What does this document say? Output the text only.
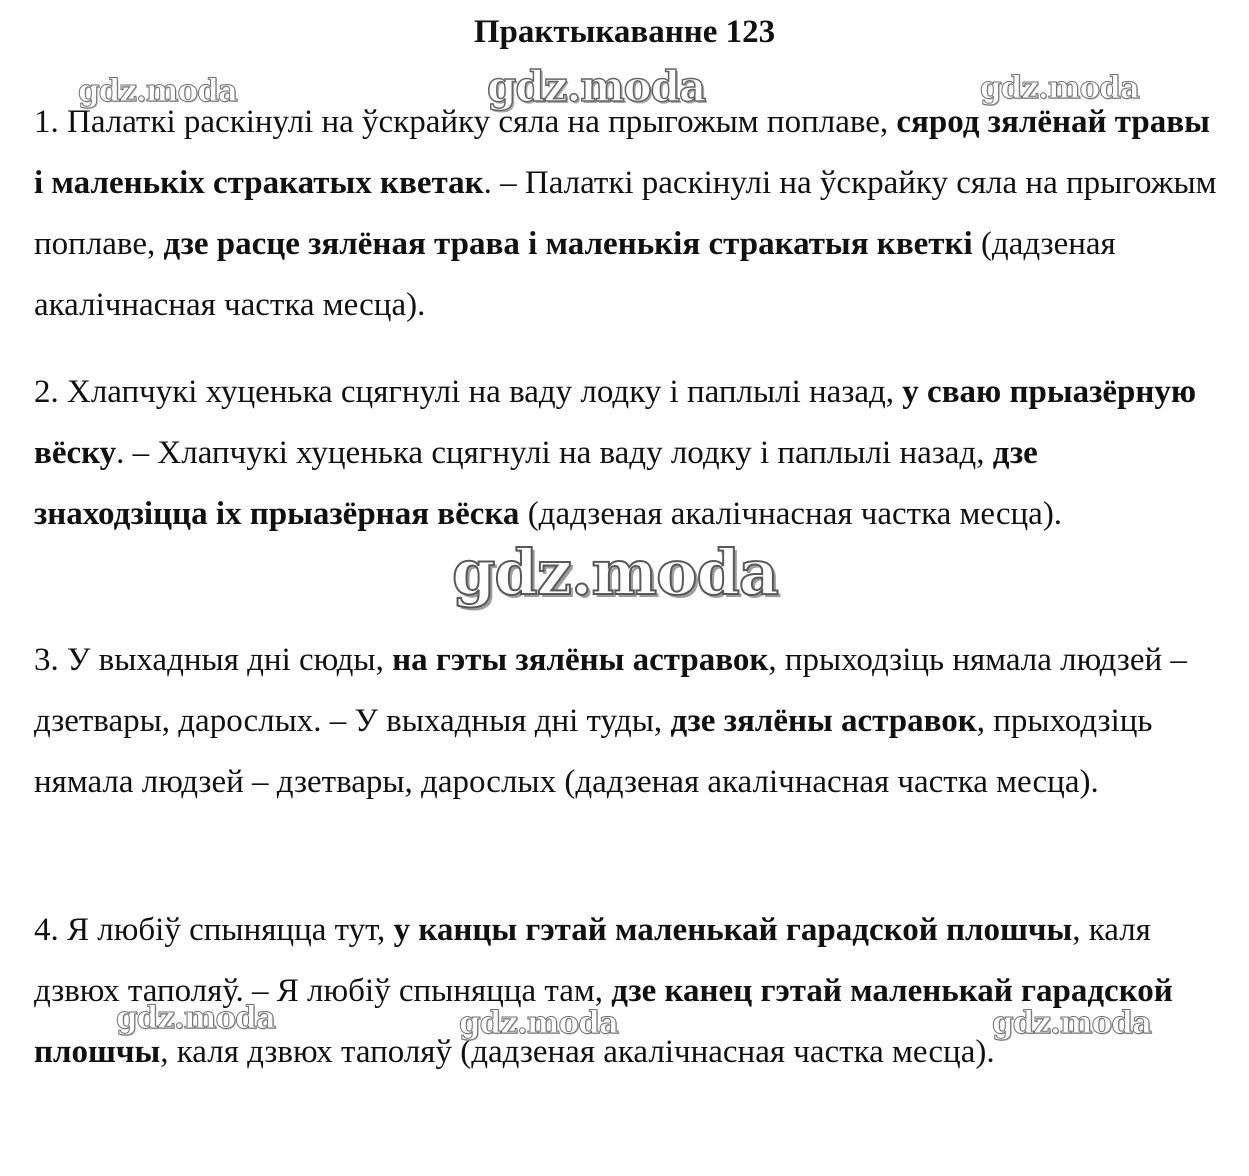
Практыкаванне 123

1. Палаткі раскінулі на ўскрайку сяла на прыгожым поплаве, сярод зялёнай травы і маленькіх стракатых кветак. – Палаткі раскінулі на ўскрайку сяла на прыгожым поплаве, дзе расце зялёная трава і маленькія стракатыя кветкі (дадзеная акалічнасная частка месца).

2. Хлапчукі хуценька сцягнулі на ваду лодку і паплылі назад, у сваю прыазёрную вёску. – Хлапчукі хуценька сцягнулі на ваду лодку і паплылі назад, дзе знаходзіцца іх прыазёрная вёска (дадзеная акалічнасная частка месца).

3. У выхадныя дні сюды, на гэты зялёны астравок, прыходзіць нямала людзей – дзетвары, дарослых. – У выхадныя дні туды, дзе зялёны астравок, прыходзіць нямала людзей – дзетвары, дарослых (дадзеная акалічнасная частка месца).

4. Я любіў спыняцца тут, у канцы гэтай маленькай гарадской плошчы, каля дзвюх таполяў. – Я любіў спыняцца там, дзе канец гэтай маленькай гарадской плошчы, каля дзвюх таполяў (дадзеная акалічнасная частка месца).

gdz.moda	gdz.moda	gdz.moda
gdz.moda
gdz.moda	gdz.moda	gdz.moda
